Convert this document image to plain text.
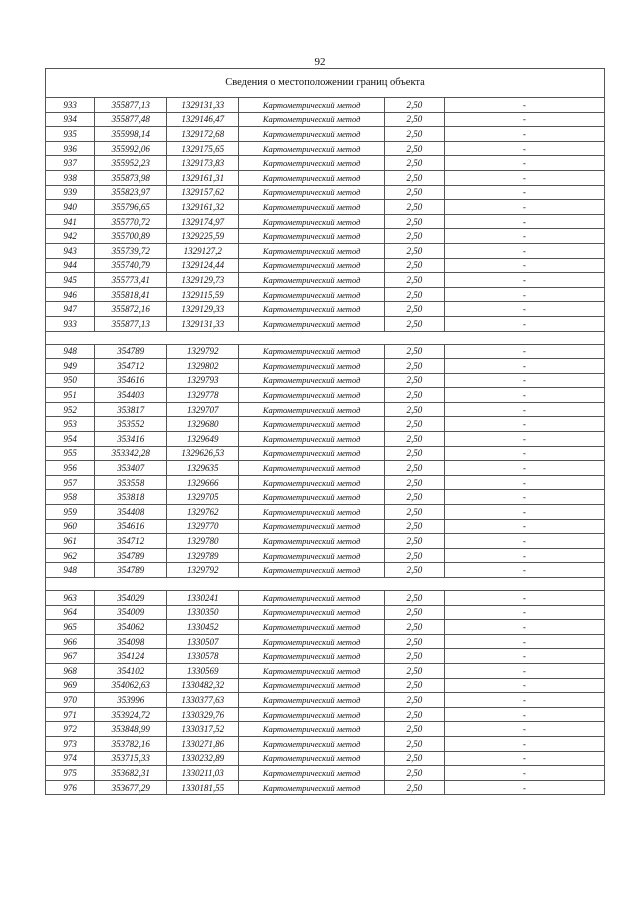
92
Сведения о местоположении границ объекта					
933	355877,13	1329131,33	Картометрический метод	2,50	-
934	355877,48	1329146,47	Картометрический метод	2,50	-
935	355998,14	1329172,68	Картометрический метод	2,50	-
936	355992,06	1329175,65	Картометрический метод	2,50	-
937	355952,23	1329173,83	Картометрический метод	2,50	-
938	355873,98	1329161,31	Картометрический метод	2,50	-
939	355823,97	1329157,62	Картометрический метод	2,50	-
940	355796,65	1329161,32	Картометрический метод	2,50	-
941	355770,72	1329174,97	Картометрический метод	2,50	-
942	355700,89	1329225,59	Картометрический метод	2,50	-
943	355739,72	1329127,2	Картометрический метод	2,50	-
944	355740,79	1329124,44	Картометрический метод	2,50	-
945	355773,41	1329129,73	Картометрический метод	2,50	-
946	355818,41	1329115,59	Картометрический метод	2,50	-
947	355872,16	1329129,33	Картометрический метод	2,50	-
933	355877,13	1329131,33	Картометрический метод	2,50	-

948	354789	1329792	Картометрический метод	2,50	-
949	354712	1329802	Картометрический метод	2,50	-
950	354616	1329793	Картометрический метод	2,50	-
951	354403	1329778	Картометрический метод	2,50	-
952	353817	1329707	Картометрический метод	2,50	-
953	353552	1329680	Картометрический метод	2,50	-
954	353416	1329649	Картометрический метод	2,50	-
955	353342,28	1329626,53	Картометрический метод	2,50	-
956	353407	1329635	Картометрический метод	2,50	-
957	353558	1329666	Картометрический метод	2,50	-
958	353818	1329705	Картометрический метод	2,50	-
959	354408	1329762	Картометрический метод	2,50	-
960	354616	1329770	Картометрический метод	2,50	-
961	354712	1329780	Картометрический метод	2,50	-
962	354789	1329789	Картометрический метод	2,50	-
948	354789	1329792	Картометрический метод	2,50	-

963	354029	1330241	Картометрический метод	2,50	-
964	354009	1330350	Картометрический метод	2,50	-
965	354062	1330452	Картометрический метод	2,50	-
966	354098	1330507	Картометрический метод	2,50	-
967	354124	1330578	Картометрический метод	2,50	-
968	354102	1330569	Картометрический метод	2,50	-
969	354062,63	1330482,32	Картометрический метод	2,50	-
970	353996	1330377,63	Картометрический метод	2,50	-
971	353924,72	1330329,76	Картометрический метод	2,50	-
972	353848,99	1330317,52	Картометрический метод	2,50	-
973	353782,16	1330271,86	Картометрический метод	2,50	-
974	353715,33	1330232,89	Картометрический метод	2,50	-
975	353682,31	1330211,03	Картометрический метод	2,50	-
976	353677,29	1330181,55	Картометрический метод	2,50	-
